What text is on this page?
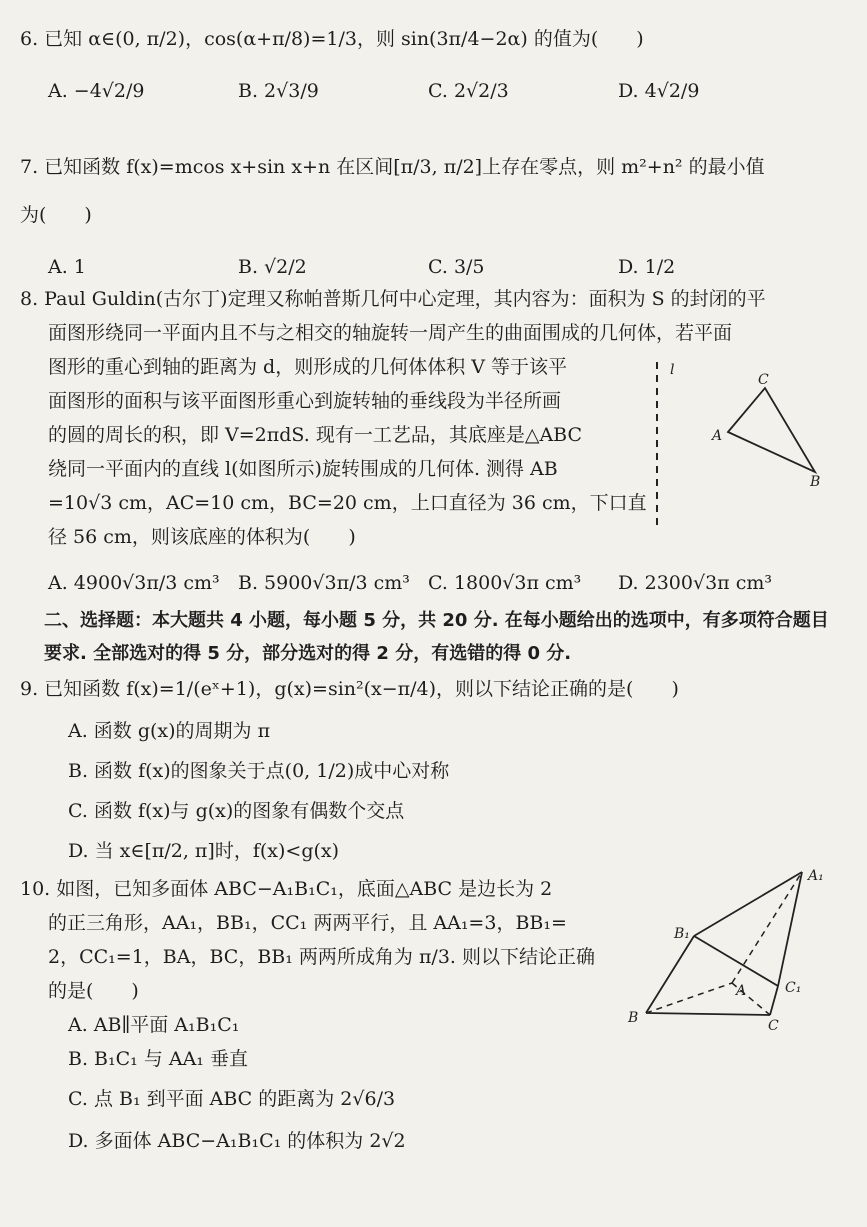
6. 已知 α∈(0, π/2)，cos(α+π/8)=1/3，则 sin(3π/4−2α) 的值为(　　)
A. −4√2/9	B. 2√3/9	C. 2√2/3	D. 4√2/9
7. 已知函数 f(x)=mcos x+sin x+n 在区间[π/3, π/2]上存在零点，则 m²+n² 的最小值
为(　　)
A. 1	B. √2/2	C. 3/5	D. 1/2
8. Paul Guldin(古尔丁)定理又称帕普斯几何中心定理，其内容为：面积为 S 的封闭的平
面图形绕同一平面内且不与之相交的轴旋转一周产生的曲面围成的几何体，若平面
图形的重心到轴的距离为 d，则形成的几何体体积 V 等于该平
面图形的面积与该平面图形重心到旋转轴的垂线段为半径所画
的圆的周长的积，即 V=2πdS. 现有一工艺品，其底座是△ABC
绕同一平面内的直线 l(如图所示)旋转围成的几何体. 测得 AB
=10√3 cm，AC=10 cm，BC=20 cm，上口直径为 36 cm，下口直
径 56 cm，则该底座的体积为(　　)
A. 4900√3π/3 cm³ B. 5900√3π/3 cm³ C. 1800√3π cm³	D. 2300√3π cm³
l
A
B
C
二、选择题：本大题共 4 小题，每小题 5 分，共 20 分. 在每小题给出的选项中，有多项符合题目
要求. 全部选对的得 5 分，部分选对的得 2 分，有选错的得 0 分.
9. 已知函数 f(x)=1/(eˣ+1)，g(x)=sin²(x−π/4)，则以下结论正确的是(　　)
A. 函数 g(x)的周期为 π
B. 函数 f(x)的图象关于点(0, 1/2)成中心对称
C. 函数 f(x)与 g(x)的图象有偶数个交点
D. 当 x∈[π/2, π]时，f(x)<g(x)
10. 如图，已知多面体 ABC−A₁B₁C₁，底面△ABC 是边长为 2
的正三角形，AA₁，BB₁，CC₁ 两两平行，且 AA₁=3，BB₁=
2，CC₁=1，BA，BC，BB₁ 两两所成角为 π/3. 则以下结论正确
的是(　　)
A. AB∥平面 A₁B₁C₁
B. B₁C₁ 与 AA₁ 垂直
C. 点 B₁ 到平面 ABC 的距离为 2√6/3
D. 多面体 ABC−A₁B₁C₁ 的体积为 2√2
A₁
B₁
C₁
A
B	C
